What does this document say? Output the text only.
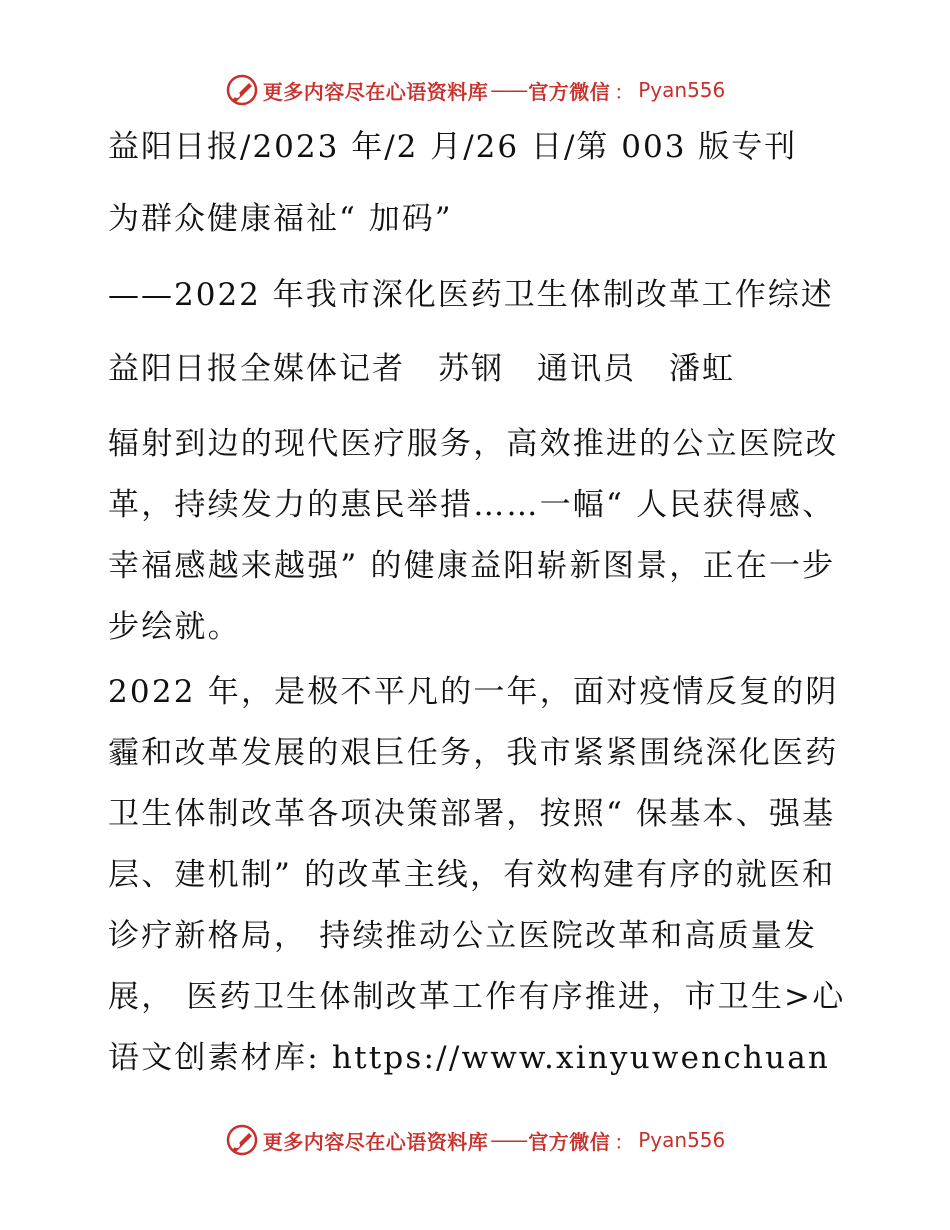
更多内容尽在心语资料库 —— 官方微信 ： Pyan556
益阳日报/2023 年/2 月/26 日/第 003 版专刊
为群众健康福祉“ 加码”
——2022 年我市深化医药卫生体制改革工作综述
益阳日报全媒体记者　苏钢　通讯员　潘虹

辐射到边的现代医疗服务，高效推进的公立医院改革，持续发力的惠民举措……一幅“ 人民获得感、幸福感越来越强” 的健康益阳崭新图景，正在一步步绘就。

2022 年，是极不平凡的一年，面对疫情反复的阴霾和改革发展的艰巨任务，我市紧紧围绕深化医药卫生体制改革各项决策部署，按照“ 保基本、强基层、建机制” 的改革主线，有效构建有序的就医和诊疗新格局， 持续推动公立医院改革和高质量发展， 医药卫生体制改革工作有序推进，市卫生>心语文创素材库: https://www.xinyuwenchuan

更多内容尽在心语资料库 —— 官方微信 ： Pyan556
